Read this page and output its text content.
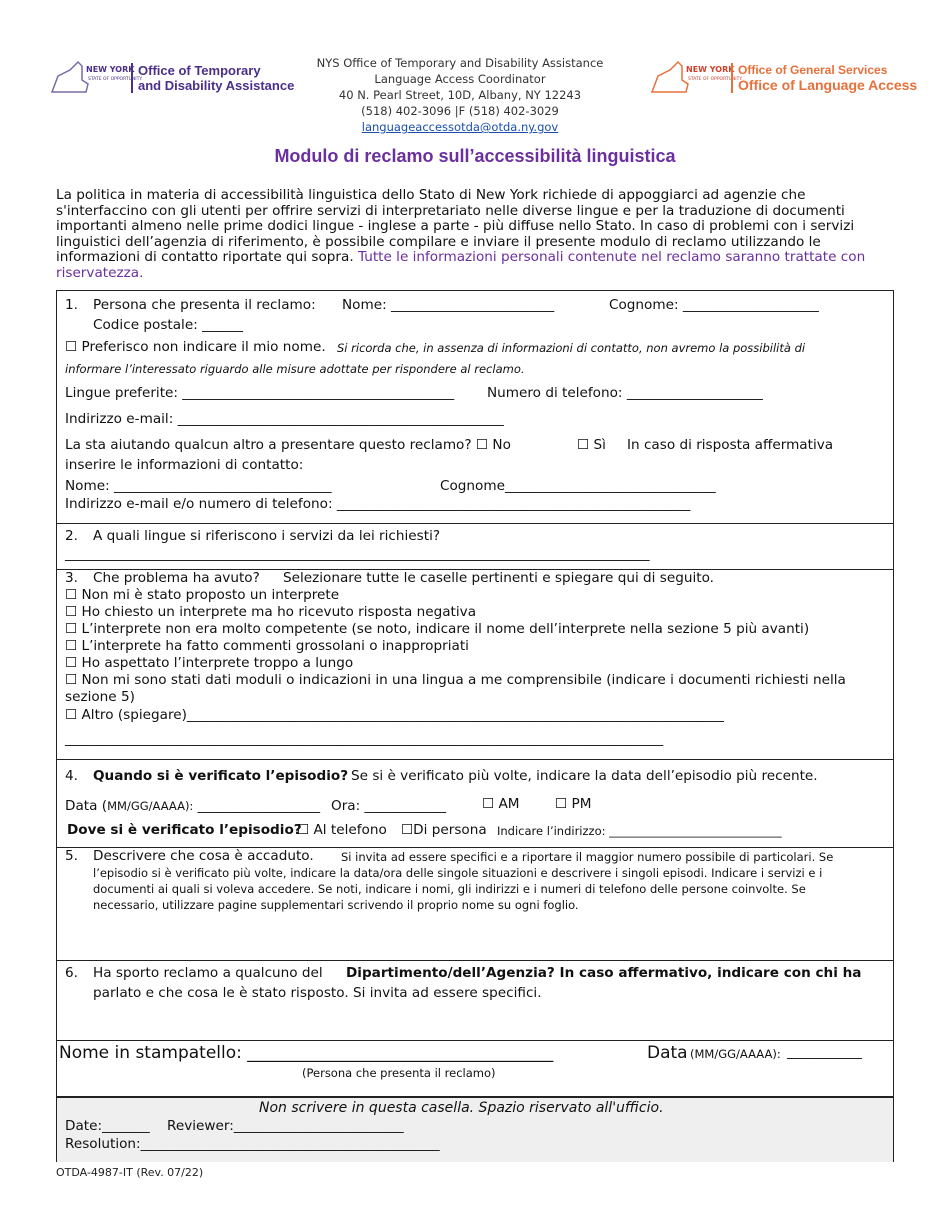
NEW YORK
STATE OF OPPORTUNITY.
Office of Temporary
and Disability Assistance
NYS Office of Temporary and Disability Assistance
Language Access Coordinator
40 N. Pearl Street, 10D, Albany, NY 12243
(518) 402-3096 |F (518) 402-3029
languageaccessotda@otda.ny.gov
NEW YORK
STATE OF OPPORTUNITY.
Office of General Services
Office of Language Access
Modulo di reclamo sull’accessibilità linguistica
La politica in materia di accessibilità linguistica dello Stato di New York richiede di appoggiarci ad agenzie che s'interfaccino con gli utenti per offrire servizi di interpretariato nelle diverse lingue e per la traduzione di documenti importanti almeno nelle prime dodici lingue - inglese a parte - più diffuse nello Stato. In caso di problemi con i servizi linguistici dell’agenzia di riferimento, è possibile compilare e inviare il presente modulo di reclamo utilizzando le informazioni di contatto riportate qui sopra. Tutte le informazioni personali contenute nel reclamo saranno trattate con riservatezza.
1. Persona che presenta il reclamo: Nome: ________________________	Cognome: ____________________
Codice postale: ______
☐ Preferisco non indicare il mio nome. Si ricorda che, in assenza di informazioni di contatto, non avremo la possibilità di
informare l’interessato riguardo alle misure adottate per rispondere al reclamo.
Lingue preferite: ________________________________________ Numero di telefono: ____________________
Indirizzo e-mail: ________________________________________________
La sta aiutando qualcun altro a presentare questo reclamo? ☐ No	☐ Sì In caso di risposta affermativa
inserire le informazioni di contatto:
Nome: ________________________________	Cognome_______________________________
Indirizzo e-mail e/o numero di telefono: ____________________________________________________
2. A quali lingue si riferiscono i servizi da lei richiesti?
______________________________________________________________________________________
3. Che problema ha avuto? Selezionare tutte le caselle pertinenti e spiegare qui di seguito.
☐ Non mi è stato proposto un interprete
☐ Ho chiesto un interprete ma ho ricevuto risposta negativa
☐ L’interprete non era molto competente (se noto, indicare il nome dell’interprete nella sezione 5 più avanti)
☐ L’interprete ha fatto commenti grossolani o inappropriati
☐ Ho aspettato l’interprete troppo a lungo
☐ Non mi sono stati dati moduli o indicazioni in una lingua a me comprensibile (indicare i documenti richiesti nella
sezione 5)
☐ Altro (spiegare)_______________________________________________________________________________
________________________________________________________________________________________
4. Quando si è verificato l’episodio? Se si è verificato più volte, indicare la data dell’episodio più recente.
Data (MM/GG/AAAA): __________________ Ora: ____________	☐ AM	☐ PM
Dove si è verificato l’episodio?
☐ Al telefono ☐Di persona Indicare l’indirizzo: ______________________________
5. Descrivere che cosa è accaduto. Si invita ad essere specifici e a riportare il maggior numero possibile di particolari. Se
l’episodio si è verificato più volte, indicare la data/ora delle singole situazioni e descrivere i singoli episodi. Indicare i servizi e i
documenti ai quali si voleva accedere. Se noti, indicare i nomi, gli indirizzi e i numeri di telefono delle persone coinvolte. Se
necessario, utilizzare pagine supplementari scrivendo il proprio nome su ogni foglio.
6. Ha sporto reclamo a qualcuno del Dipartimento/dell’Agenzia? In caso affermativo, indicare con chi ha
parlato e che cosa le è stato risposto. Si invita ad essere specifici.
Nome in stampatello: ____________________________________	Data (MM/GG/AAAA): ___________
(Persona che presenta il reclamo)
Non scrivere in questa casella. Spazio riservato all'ufficio.
Date:_______ Reviewer:_________________________
Resolution:____________________________________________
OTDA-4987-IT (Rev. 07/22)
